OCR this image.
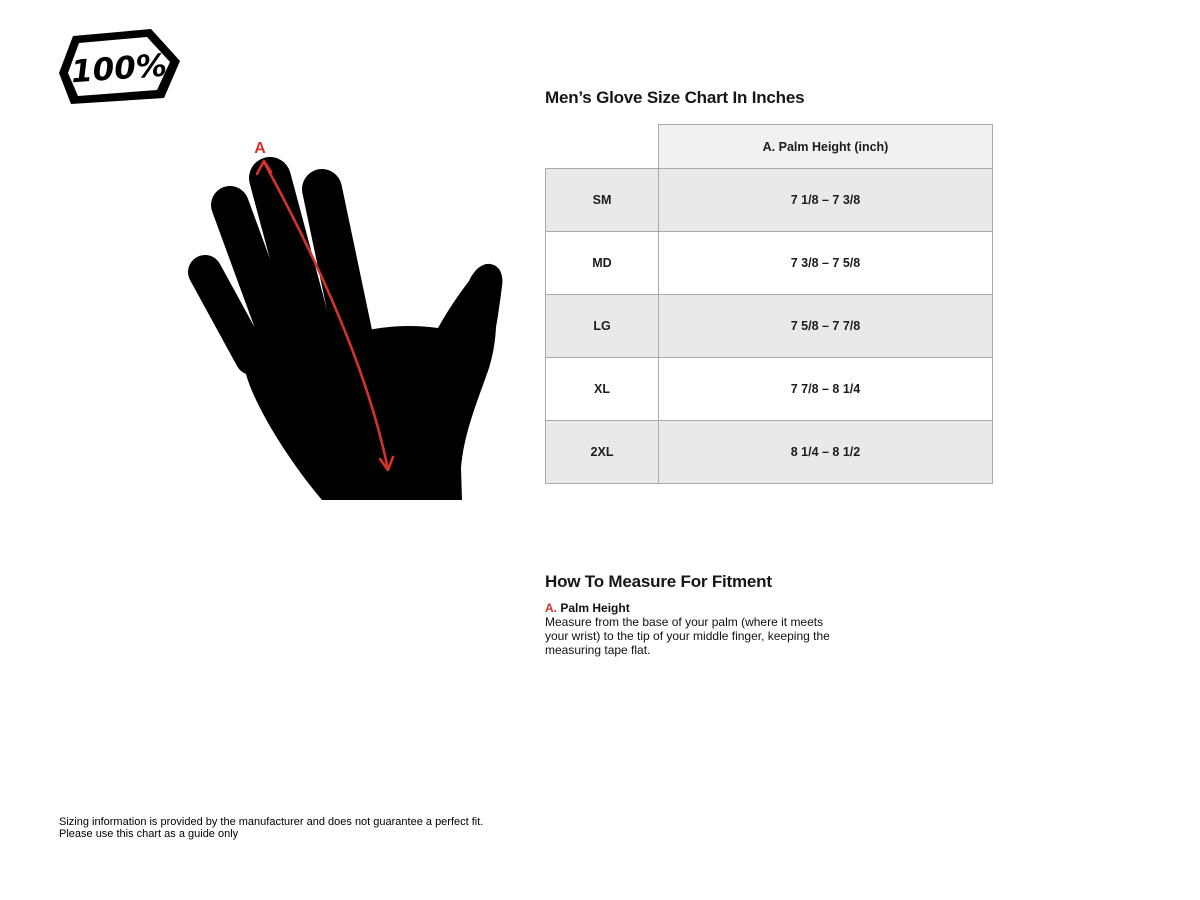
100%
A
Men’s Glove Size Chart In Inches
	A. Palm Height (inch)
SM	7 1/8 – 7 3/8
MD	7 3/8 – 7 5/8
LG	7 5/8 – 7 7/8
XL	7 7/8 – 8 1/4
2XL	8 1/4 – 8 1/2
How To Measure For Fitment
A. Palm Height

Measure from the base of your palm (where it meets your wrist) to the tip of your middle finger, keeping the measuring tape flat.

Sizing information is provided by the manufacturer and does not guarantee a perfect fit.
Please use this chart as a guide only
